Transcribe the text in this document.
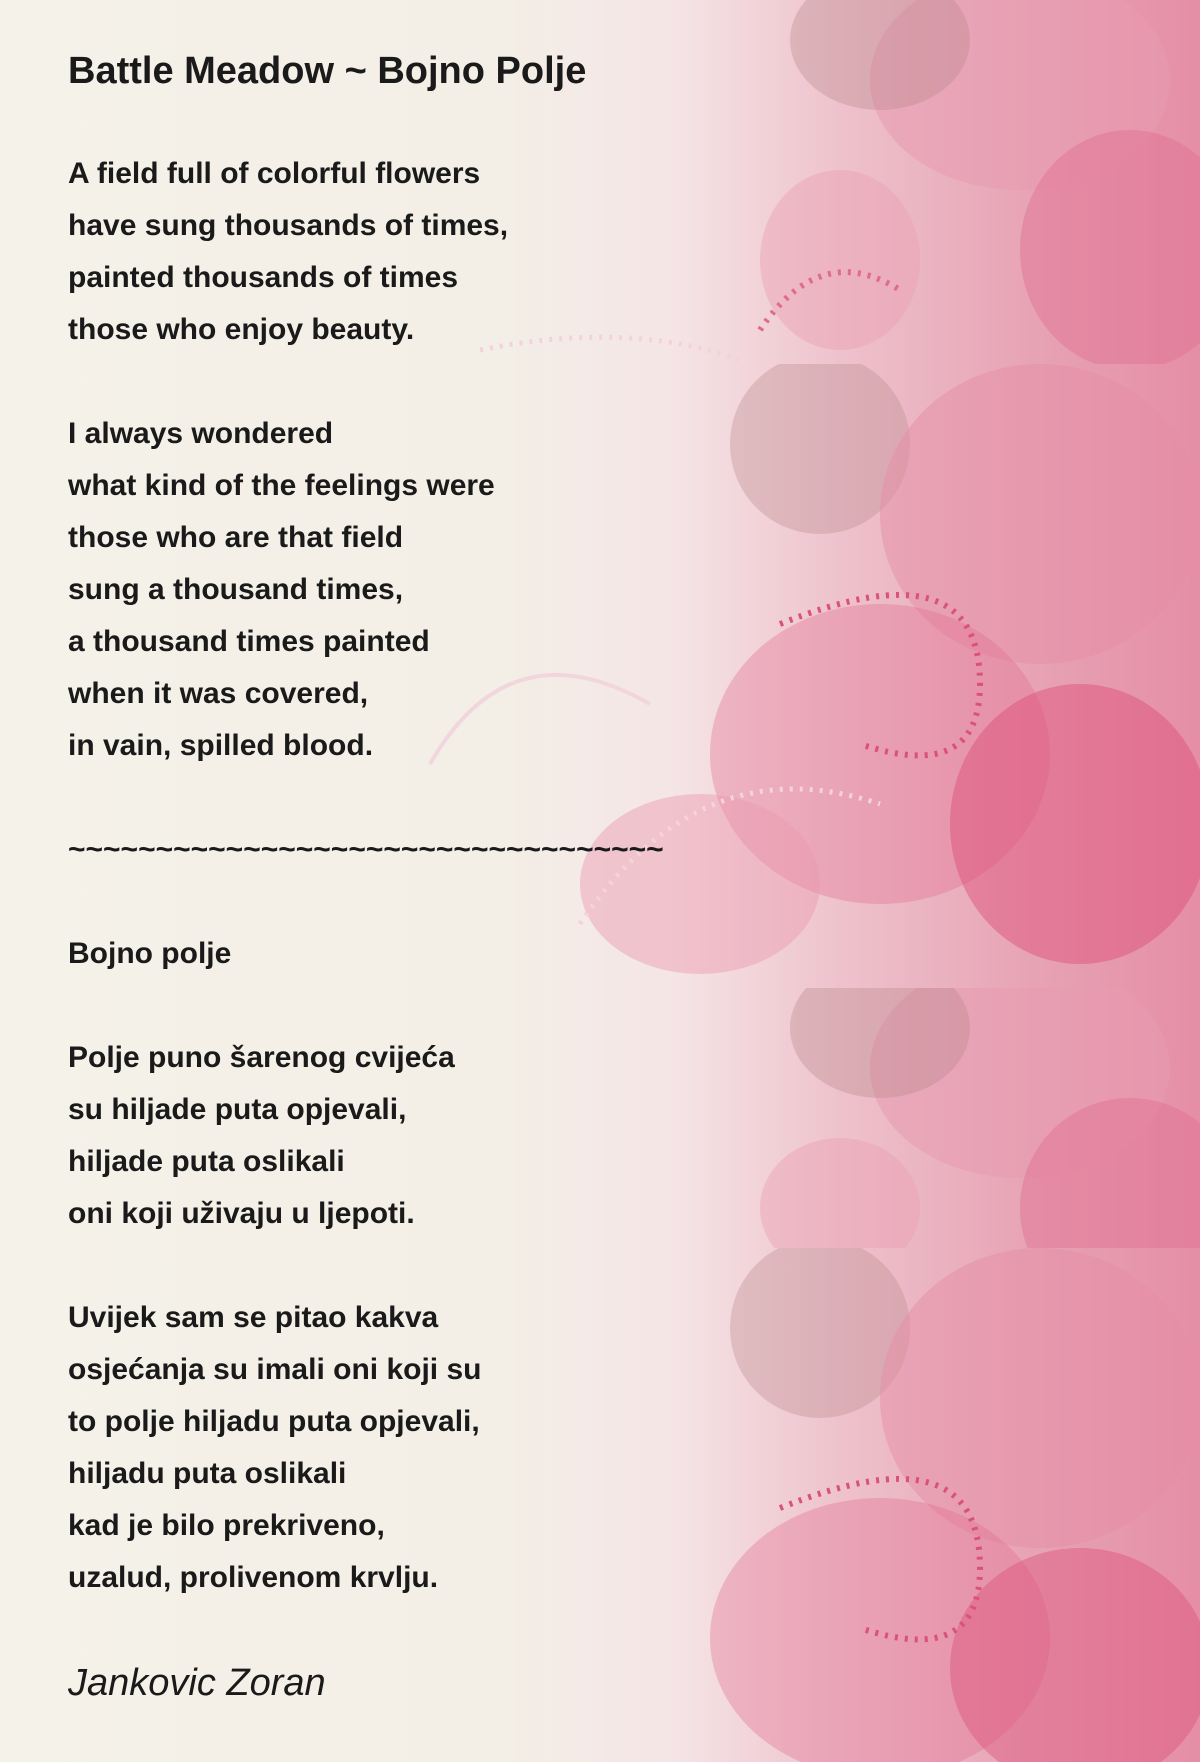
Battle Meadow ~ Bojno Polje
A field full of colorful flowers
have sung thousands of times,
painted thousands of times
those who enjoy beauty.
I always wondered
what kind of the feelings were
those who are that field
sung a thousand times,
a thousand times painted
when it was covered,
in vain, spilled blood.
~~~~~~~~~~~~~~~~~~~~~~~~~~~~~~~~~~
Bojno polje
Polje puno šarenog cvijeća
su hiljade puta opjevali,
hiljade puta oslikali
oni koji uživaju u ljepoti.
Uvijek sam se pitao kakva
osjećanja su imali oni koji su
to polje hiljadu puta opjevali,
hiljadu puta oslikali
kad je bilo prekriveno,
uzalud, prolivenom krvlju.
Jankovic Zoran
